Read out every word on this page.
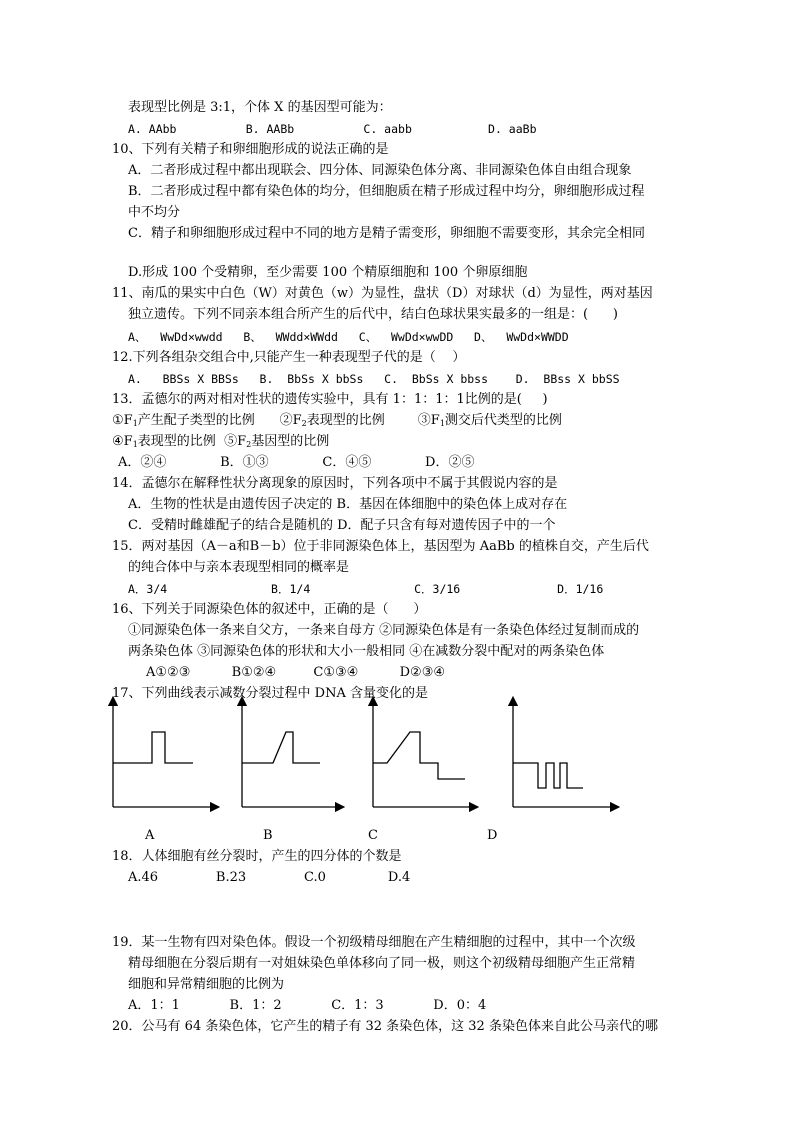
表现型比例是 3:1，个体 X 的基因型可能为：
A. AAbb          B. AABb          C. aabb           D. aaBb
10、下列有关精子和卵细胞形成的说法正确的是
A．二者形成过程中都出现联会、四分体、同源染色体分离、非同源染色体自由组合现象
B．二者形成过程中都有染色体的均分，但细胞质在精子形成过程中均分，卵细胞形成过程
中不均分
C．精子和卵细胞形成过程中不同的地方是精子需变形，卵细胞不需要变形，其余完全相同
D.形成 100 个受精卵，至少需要 100 个精原细胞和 100 个卵原细胞
11、南瓜的果实中白色（W）对黄色（w）为显性，盘状（D）对球状（d）为显性，两对基因
独立遗传。下列不同亲本组合所产生的后代中，结白色球状果实最多的一组是：(      )
A、  WwDd×wwdd   B、  WWdd×WWdd   C、  WwDd×wwDD   D、  WwDd×WWDD
12.下列各组杂交组合中,只能产生一种表现型子代的是（    ）
A.   BBSs X BBSs   B.  BbSs X bbSs   C.  BbSs X bbss    D.  BBss X bbSS
13．孟德尔的两对相对性状的遗传实验中，具有 1：1：1：1比例的是(     )
$①F_1$产生配子类型的比例 $②F_2$表现型的比例	$③F_1$测交后代类型的比例
$④F_1$表现型的比例 $⑤F_2$基因型的比例
A．②④             B．①③             C．④⑤             D．②⑤
14．孟德尔在解释性状分离现象的原因时，下列各项中不属于其假说内容的是
A．生物的性状是由遗传因子决定的 B．基因在体细胞中的染色体上成对存在
C．受精时雌雄配子的结合是随机的 D．配子只含有每对遗传因子中的一个
15．两对基因（A－a和B－b）位于非同源染色体上，基因型为 AaBb 的植株自交，产生后代
的纯合体中与亲本表现型相同的概率是
A．3/4               B．1/4               C．3/16              D．1/16
16、下列关于同源染色体的叙述中，正确的是（      ）
①同源染色体一条来自父方，一条来自母方 ②同源染色体是有一条染色体经过复制而成的
两条染色体 ③同源染色体的形状和大小一般相同 ④在减数分裂中配对的两条染色体
A①②③          B①②④         C①③④          D②③④
17、下列曲线表示减数分裂过程中 DNA 含量变化的是
A	B	C	D
18．人体细胞有丝分裂时，产生的四分体的个数是
A.46              B.23              C.0               D.4
19．某一生物有四对染色体。假设一个初级精母细胞在产生精细胞的过程中，其中一个次级
精母细胞在分裂后期有一对姐妹染色单体移向了同一极，则这个初级精母细胞产生正常精
细胞和异常精细胞的比例为
A．1：1            B．1：2            C．1：3            D．0：4
20．公马有 64 条染色体，它产生的精子有 32 条染色体，这 32 条染色体来自此公马亲代的哪
